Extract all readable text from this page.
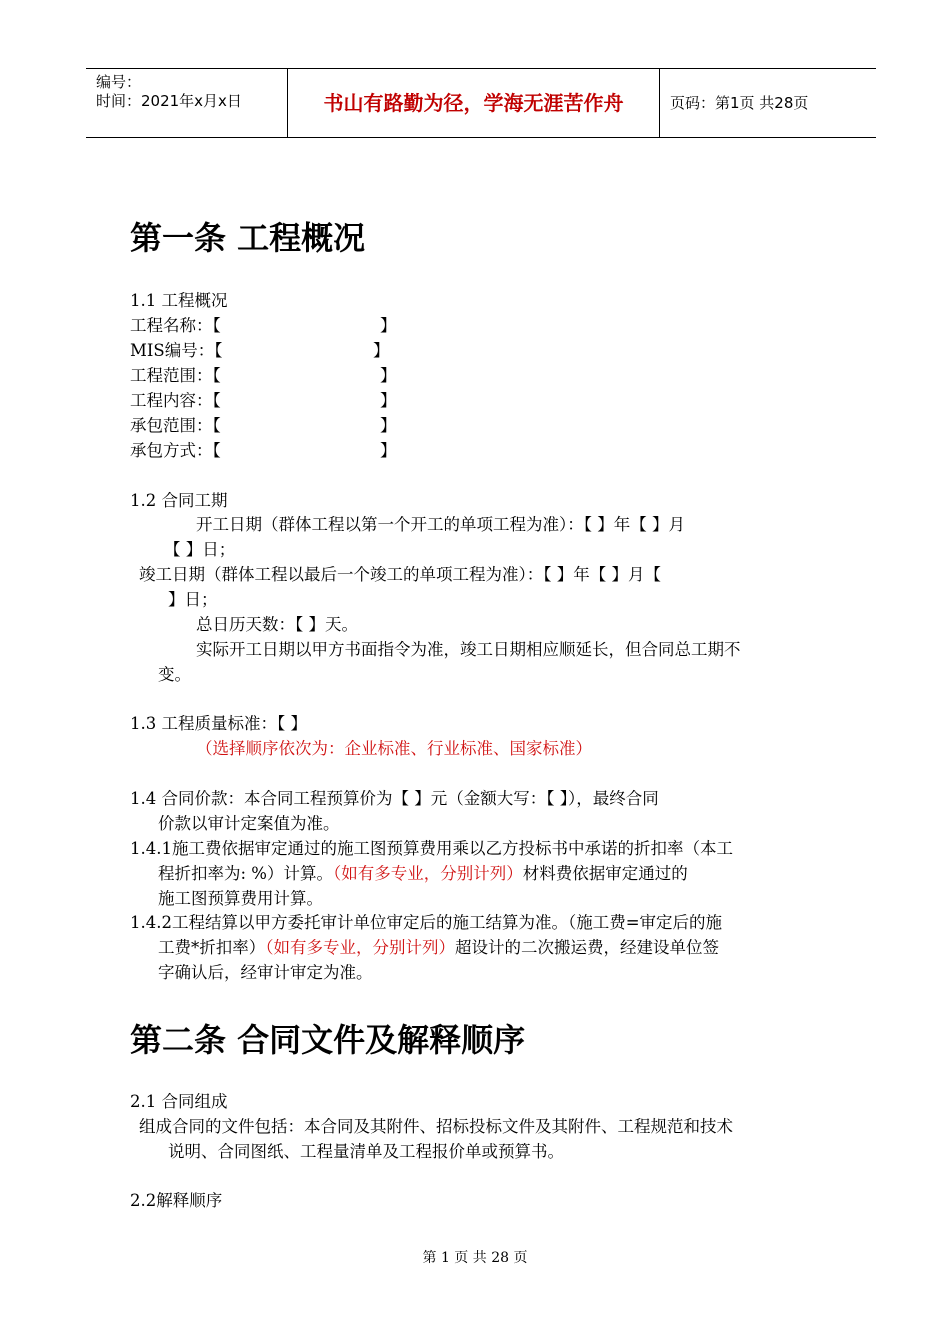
编号：
时间：2021年x月x日	书山有路勤为径，学海无涯苦作舟	页码：第1页 共28页
第一条 工程概况
1.1 工程概况
工程名称：【	】
MIS编号：【	】
工程范围：【	】
工程内容：【	】
承包范围：【	】
承包方式：【	】
1.2 合同工期
开工日期（群体工程以第一个开工的单项工程为准）：【 】年【 】月
【 】日；
竣工日期（群体工程以最后一个竣工的单项工程为准）：【 】年【 】月【
】日；
总日历天数：【 】天。
实际开工日期以甲方书面指令为准，竣工日期相应顺延长，但合同总工期不
变。
1.3 工程质量标准：【 】
（选择顺序依次为：企业标准、行业标准、国家标准）
1.4 合同价款：本合同工程预算价为【 】元（金额大写：【 】），最终合同
价款以审计定案值为准。
1.4.1施工费依据审定通过的施工图预算费用乘以乙方投标书中承诺的折扣率（本工
程折扣率为: %）计算。（如有多专业，分别计列）材料费依据审定通过的
施工图预算费用计算。
1.4.2工程结算以甲方委托审计单位审定后的施工结算为准。（施工费=审定后的施
工费*折扣率）（如有多专业，分别计列）超设计的二次搬运费，经建设单位签
字确认后，经审计审定为准。
第二条 合同文件及解释顺序
2.1 合同组成
组成合同的文件包括：本合同及其附件、招标投标文件及其附件、工程规范和技术
说明、合同图纸、工程量清单及工程报价单或预算书。
2.2解释顺序
第 1 页 共 28 页
